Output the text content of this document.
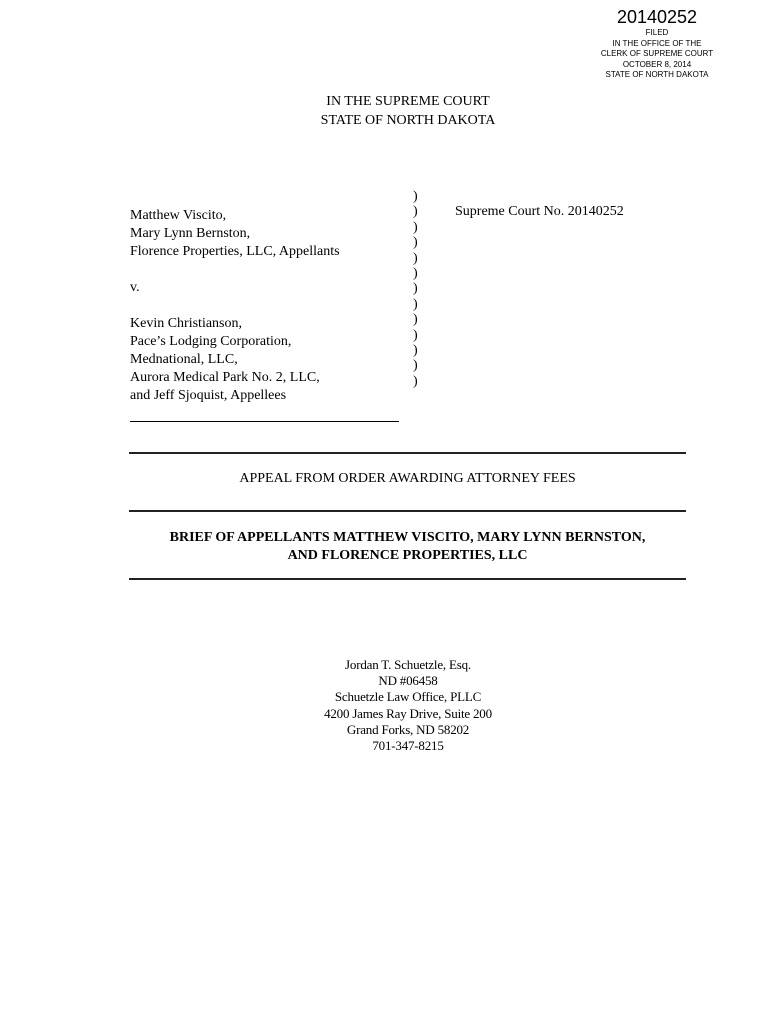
20140252
FILED
IN THE OFFICE OF THE
CLERK OF SUPREME COURT
OCTOBER 8, 2014
STATE OF NORTH DAKOTA
IN THE SUPREME COURT
STATE OF NORTH DAKOTA
Matthew Viscito,
Mary Lynn Bernston,
Florence Properties, LLC, Appellants
v.
Kevin Christianson,
Pace’s Lodging Corporation,
Mednational, LLC,
Aurora Medical Park No. 2, LLC,
and Jeff Sjoquist, Appellees
)
)
)
)
)
)
)
)
)
)
)
)
)
Supreme Court No. 20140252
APPEAL FROM ORDER AWARDING ATTORNEY FEES
BRIEF OF APPELLANTS MATTHEW VISCITO, MARY LYNN BERNSTON,
AND FLORENCE PROPERTIES, LLC
Jordan T. Schuetzle, Esq.
ND #06458
Schuetzle Law Office, PLLC
4200 James Ray Drive, Suite 200
Grand Forks, ND 58202
701-347-8215
